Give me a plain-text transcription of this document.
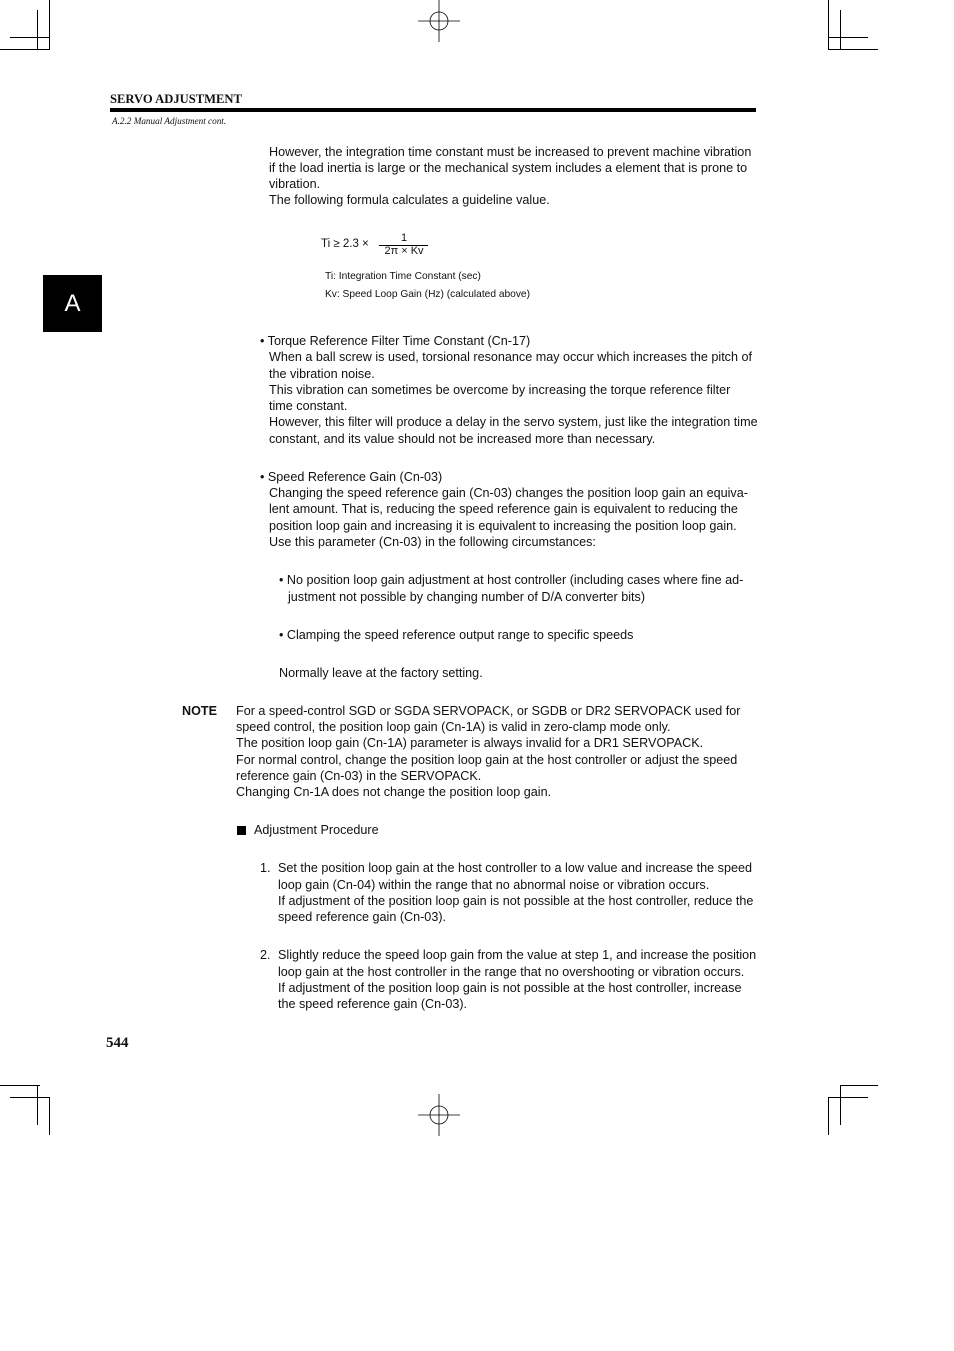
SERVO ADJUSTMENT
A.2.2 Manual Adjustment cont.
A
However, the integration time constant must be increased to prevent machine vibration
if the load inertia is large or the mechanical system includes a element that is prone to
vibration.
The following formula calculates a guideline value.
Ti ≥ 2.3 ×	1
2π × Kv
Ti: Integration Time Constant (sec)
Kv: Speed Loop Gain (Hz) (calculated above)
• Torque Reference Filter Time Constant (Cn-17)
When a ball screw is used, torsional resonance may occur which increases the pitch of
the vibration noise.
This vibration can sometimes be overcome by increasing the torque reference filter
time constant.
However, this filter will produce a delay in the servo system, just like the integration time
constant, and its value should not be increased more than necessary.
• Speed Reference Gain (Cn-03)
Changing the speed reference gain (Cn-03) changes the position loop gain an equiva-
lent amount. That is, reducing the speed reference gain is equivalent to reducing the
position loop gain and increasing it is equivalent to increasing the position loop gain.
Use this parameter (Cn-03) in the following circumstances:
• No position loop gain adjustment at host controller (including cases where fine ad-
justment not possible by changing number of D/A converter bits)
• Clamping the speed reference output range to specific speeds
Normally leave at the factory setting.
NOTE For a speed-control SGD or SGDA SERVOPACK, or SGDB or DR2 SERVOPACK used for
speed control, the position loop gain (Cn-1A) is valid in zero-clamp mode only.
The position loop gain (Cn-1A) parameter is always invalid for a DR1 SERVOPACK.
For normal control, change the position loop gain at the host controller or adjust the speed
reference gain (Cn-03) in the SERVOPACK.
Changing Cn-1A does not change the position loop gain.
Adjustment Procedure
1. Set the position loop gain at the host controller to a low value and increase the speed
loop gain (Cn-04) within the range that no abnormal noise or vibration occurs.
If adjustment of the position loop gain is not possible at the host controller, reduce the
speed reference gain (Cn-03).
2. Slightly reduce the speed loop gain from the value at step 1, and increase the position
loop gain at the host controller in the range that no overshooting or vibration occurs.
If adjustment of the position loop gain is not possible at the host controller, increase
the speed reference gain (Cn-03).
544
